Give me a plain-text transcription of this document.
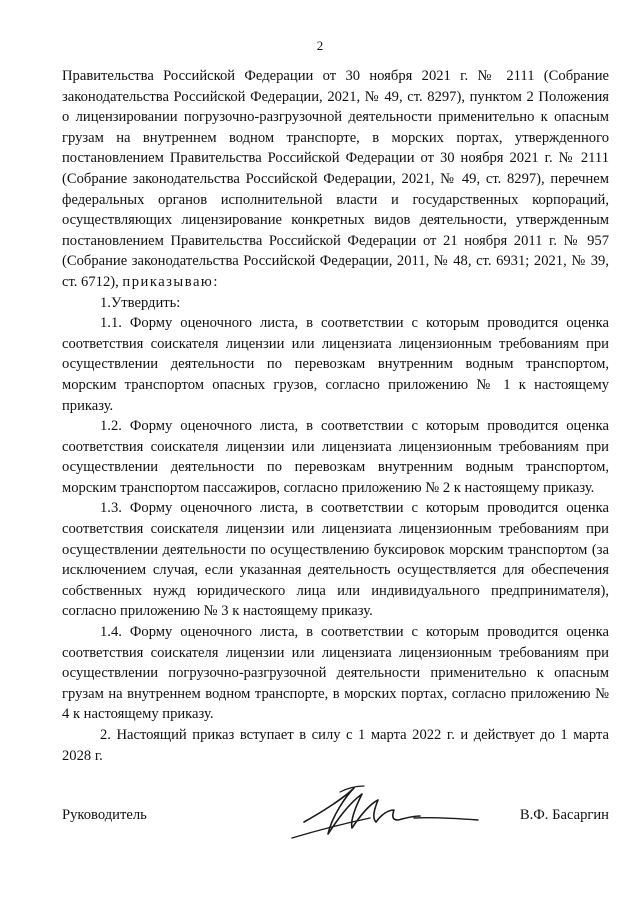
2

Правительства Российской Федерации от 30 ноября 2021 г. № 2111 (Собрание законодательства Российской Федерации, 2021, № 49, ст. 8297), пунктом 2 Положения о лицензировании погрузочно-разгрузочной деятельности применительно к опасным грузам на внутреннем водном транспорте, в морских портах, утвержденного постановлением Правительства Российской Федерации от 30 ноября 2021 г. № 2111 (Собрание законодательства Российской Федерации, 2021, № 49, ст. 8297), перечнем федеральных органов исполнительной власти и государственных корпораций, осуществляющих лицензирование конкретных видов деятельности, утвержденным постановлением Правительства Российской Федерации от 21 ноября 2011 г. № 957 (Собрание законодательства Российской Федерации, 2011, № 48, ст. 6931; 2021, № 39, ст. 6712), приказываю:

1.Утвердить:

1.1. Форму оценочного листа, в соответствии с которым проводится оценка соответствия соискателя лицензии или лицензиата лицензионным требованиям при осуществлении деятельности по перевозкам внутренним водным транспортом, морским транспортом опасных грузов, согласно приложению № 1 к настоящему приказу.

1.2. Форму оценочного листа, в соответствии с которым проводится оценка соответствия соискателя лицензии или лицензиата лицензионным требованиям при осуществлении деятельности по перевозкам внутренним водным транспортом, морским транспортом пассажиров, согласно приложению № 2 к настоящему приказу.

1.3. Форму оценочного листа, в соответствии с которым проводится оценка соответствия соискателя лицензии или лицензиата лицензионным требованиям при осуществлении деятельности по осуществлению буксировок морским транспортом (за исключением случая, если указанная деятельность осуществляется для обеспечения собственных нужд юридического лица или индивидуального предпринимателя), согласно приложению № 3 к настоящему приказу.

1.4. Форму оценочного листа, в соответствии с которым проводится оценка соответствия соискателя лицензии или лицензиата лицензионным требованиям при осуществлении погрузочно-разгрузочной деятельности применительно к опасным грузам на внутреннем водном транспорте, в морских портах, согласно приложению № 4 к настоящему приказу.

2. Настоящий приказ вступает в силу с 1 марта 2022 г. и действует до 1 марта 2028 г.

Руководитель	В.Ф. Басаргин
